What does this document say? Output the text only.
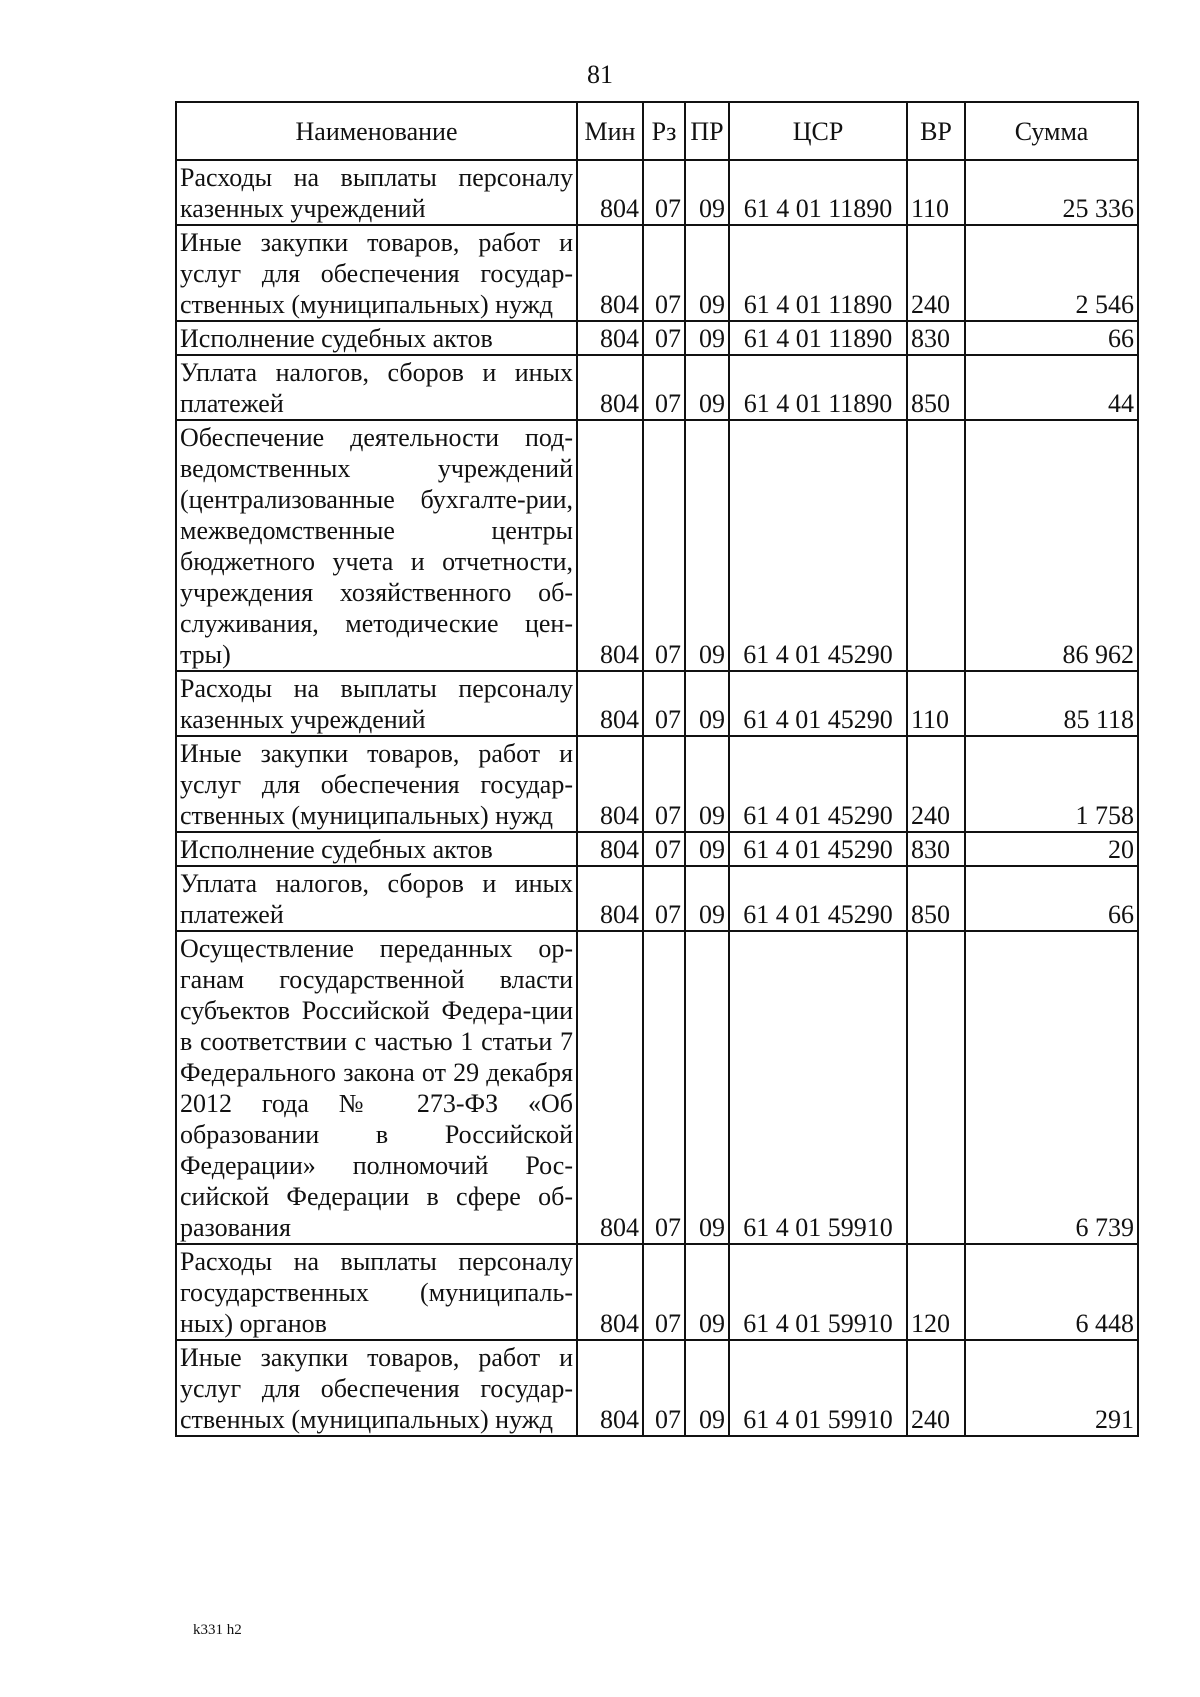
81
Наименование	Мин	Рз	ПР	ЦСР	ВР	Сумма
Расходы на выплаты персоналу казенных учреждений	804	07	09	61 4 01 11890	110	25 336
Иные закупки товаров, работ и услуг для обеспечения государ-ственных (муниципальных) нужд	804	07	09	61 4 01 11890	240	2 546
Исполнение судебных актов	804	07	09	61 4 01 11890	830	66
Уплата налогов, сборов и иных платежей	804	07	09	61 4 01 11890	850	44
Обеспечение деятельности под-ведомственных учреждений (централизованные бухгалте-рии, межведомственные центры бюджетного учета и отчетности, учреждения хозяйственного об-служивания, методические цен-тры)	804	07	09	61 4 01 45290		86 962
Расходы на выплаты персоналу казенных учреждений	804	07	09	61 4 01 45290	110	85 118
Иные закупки товаров, работ и услуг для обеспечения государ-ственных (муниципальных) нужд	804	07	09	61 4 01 45290	240	1 758
Исполнение судебных актов	804	07	09	61 4 01 45290	830	20
Уплата налогов, сборов и иных платежей	804	07	09	61 4 01 45290	850	66
Осуществление переданных ор-ганам государственной власти субъектов Российской Федера-ции в соответствии с частью 1 статьи 7 Федерального закона от 29 декабря 2012 года № 273-ФЗ «Об образовании в Российской Федерации» полномочий Рос-сийской Федерации в сфере об-разования	804	07	09	61 4 01 59910		6 739
Расходы на выплаты персоналу государственных (муниципаль-ных) органов	804	07	09	61 4 01 59910	120	6 448
Иные закупки товаров, работ и услуг для обеспечения государ-ственных (муниципальных) нужд	804	07	09	61 4 01 59910	240	291
k331 h2
